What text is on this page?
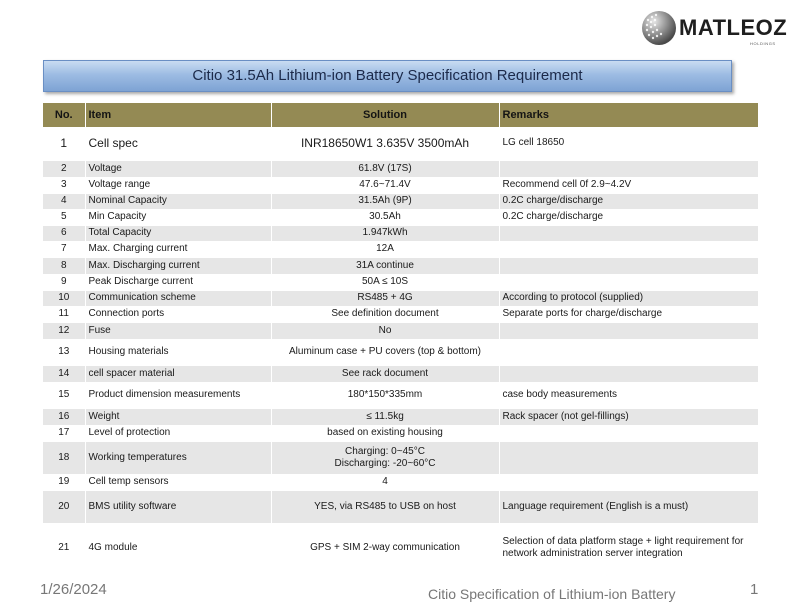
MATLEOZ
HOLDINGS
Citio 31.5Ah Lithium-ion Battery Specification Requirement
No.	Item	Solution	Remarks
1	Cell spec	INR18650W1 3.635V 3500mAh	LG cell 18650
2	Voltage	61.8V (17S)	
3	Voltage range	47.6~71.4V	Recommend cell 0f 2.9~4.2V
4	Nominal Capacity	31.5Ah (9P)	0.2C charge/discharge
5	Min Capacity	30.5Ah	0.2C charge/discharge
6	Total Capacity	1.947kWh	
7	Max. Charging current	12A	
8	Max. Discharging current	31A continue	
9	Peak Discharge current	50A ≤ 10S	
10	Communication scheme	RS485 + 4G	According to protocol (supplied)
11	Connection ports	See definition document	Separate ports for charge/discharge
12	Fuse	No	
13	Housing materials	Aluminum case + PU covers (top & bottom)	
14	cell spacer material	See rack document	
15	Product dimension measurements	180*150*335mm	case body measurements
16	Weight	≤ 11.5kg	Rack spacer (not gel-fillings)
17	Level of protection	based on existing housing	
18	Working temperatures	Charging: 0~45°C
Discharging: -20~60°C	

19	Cell temp sensors	4	
20	BMS utility software	YES, via RS485 to USB on host	Language requirement (English is a must)
21	4G module	GPS + SIM 2-way communication	Selection of data platform stage + light requirement for network administration server integration
1/26/2024	Citio Specification of Lithium-ion Battery	1
